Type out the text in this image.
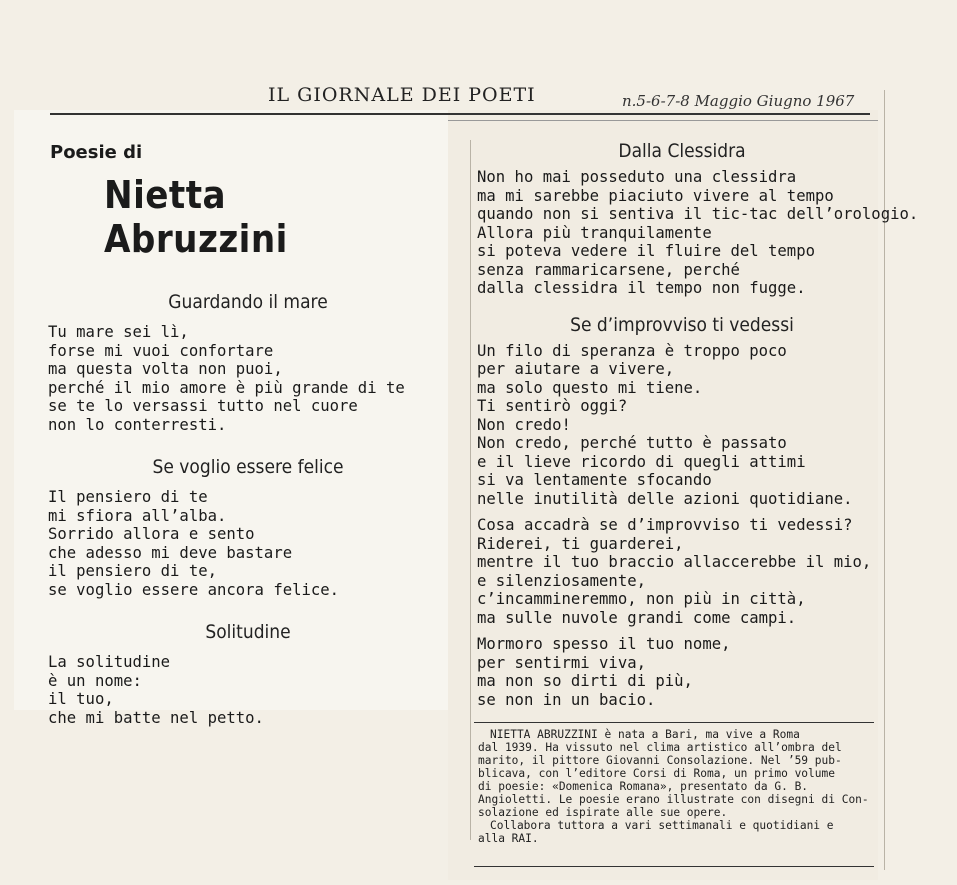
IL GIORNALE DEI POETI	n.5-6-7-8 Maggio Giugno 1967
Poesie di
Nietta Abruzzini
Guardando il mare
Tu mare sei lì,
forse mi vuoi confortare
ma questa volta non puoi,
perché il mio amore è più grande di te
se te lo versassi tutto nel cuore
non lo conterresti.
Se voglio essere felice
Il pensiero di te
mi sfiora all’alba.
Sorrido allora e sento
che adesso mi deve bastare
il pensiero di te,
se voglio essere ancora felice.
Solitudine
La solitudine
è un nome:
il tuo,
che mi batte nel petto.
Dalla Clessidra
Non ho mai posseduto una clessidra
ma mi sarebbe piaciuto vivere al tempo
quando non si sentiva il tic-tac dell’orologio.
Allora più tranquilamente
si poteva vedere il fluire del tempo
senza rammaricarsene, perché
dalla clessidra il tempo non fugge.
Se d’improvviso ti vedessi
Un filo di speranza è troppo poco
per aiutare a vivere,
ma solo questo mi tiene.
Ti sentirò oggi?
Non credo!
Non credo, perché tutto è passato
e il lieve ricordo di quegli attimi
si va lentamente sfocando
nelle inutilità delle azioni quotidiane.
Cosa accadrà se d’improvviso ti vedessi?
Riderei, ti guarderei,
mentre il tuo braccio allaccerebbe il mio,
e silenziosamente,
c’incammineremmo, non più in città,
ma sulle nuvole grandi come campi.
Mormoro spesso il tuo nome,
per sentirmi viva,
ma non so dirti di più,
se non in un bacio.

NIETTA ABRUZZINI è nata a Bari, ma vive a Roma
dal 1939. Ha vissuto nel clima artistico all’ombra del
marito, il pittore Giovanni Consolazione. Nel ’59 pub-
blicava, con l’editore Corsi di Roma, un primo volume
di poesie: «Domenica Romana», presentato da G. B.
Angioletti. Le poesie erano illustrate con disegni di Con-
solazione ed ispirate alle sue opere.

Collabora tuttora a vari settimanali e quotidiani e
alla RAI.
